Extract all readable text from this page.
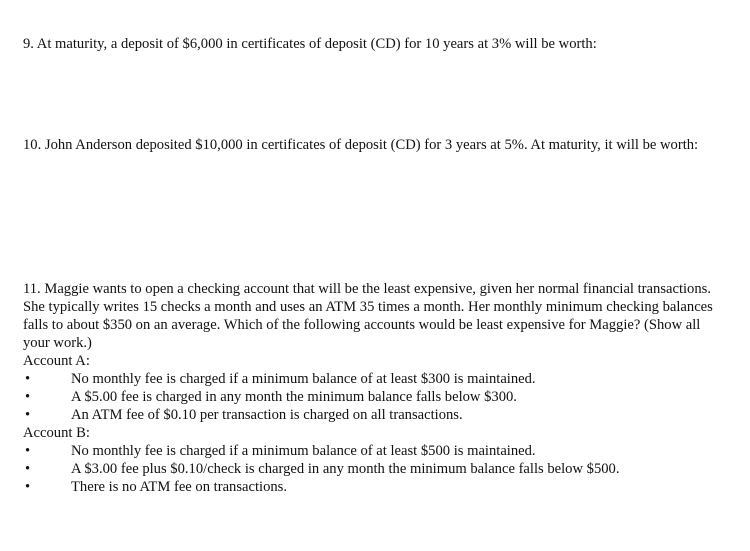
9. At maturity, a deposit of $6,000 in certificates of deposit (CD) for 10 years at 3% will be worth:

10. John Anderson deposited $10,000 in certificates of deposit (CD) for 3 years at 5%. At maturity, it will be worth:

11. Maggie wants to open a checking account that will be the least expensive, given her normal financial transactions. She typically writes 15 checks a month and uses an ATM 35 times a month. Her monthly minimum checking balances falls to about $350 on an average. Which of the following accounts would be least expensive for Maggie? (Show all your work.)

Account A:

•	No monthly fee is charged if a minimum balance of at least $300 is maintained.
•	A $5.00 fee is charged in any month the minimum balance falls below $300.
•	An ATM fee of $0.10 per transaction is charged on all transactions.

Account B:

•	No monthly fee is charged if a minimum balance of at least $500 is maintained.
•	A $3.00 fee plus $0.10/check is charged in any month the minimum balance falls below $500.
•	There is no ATM fee on transactions.
